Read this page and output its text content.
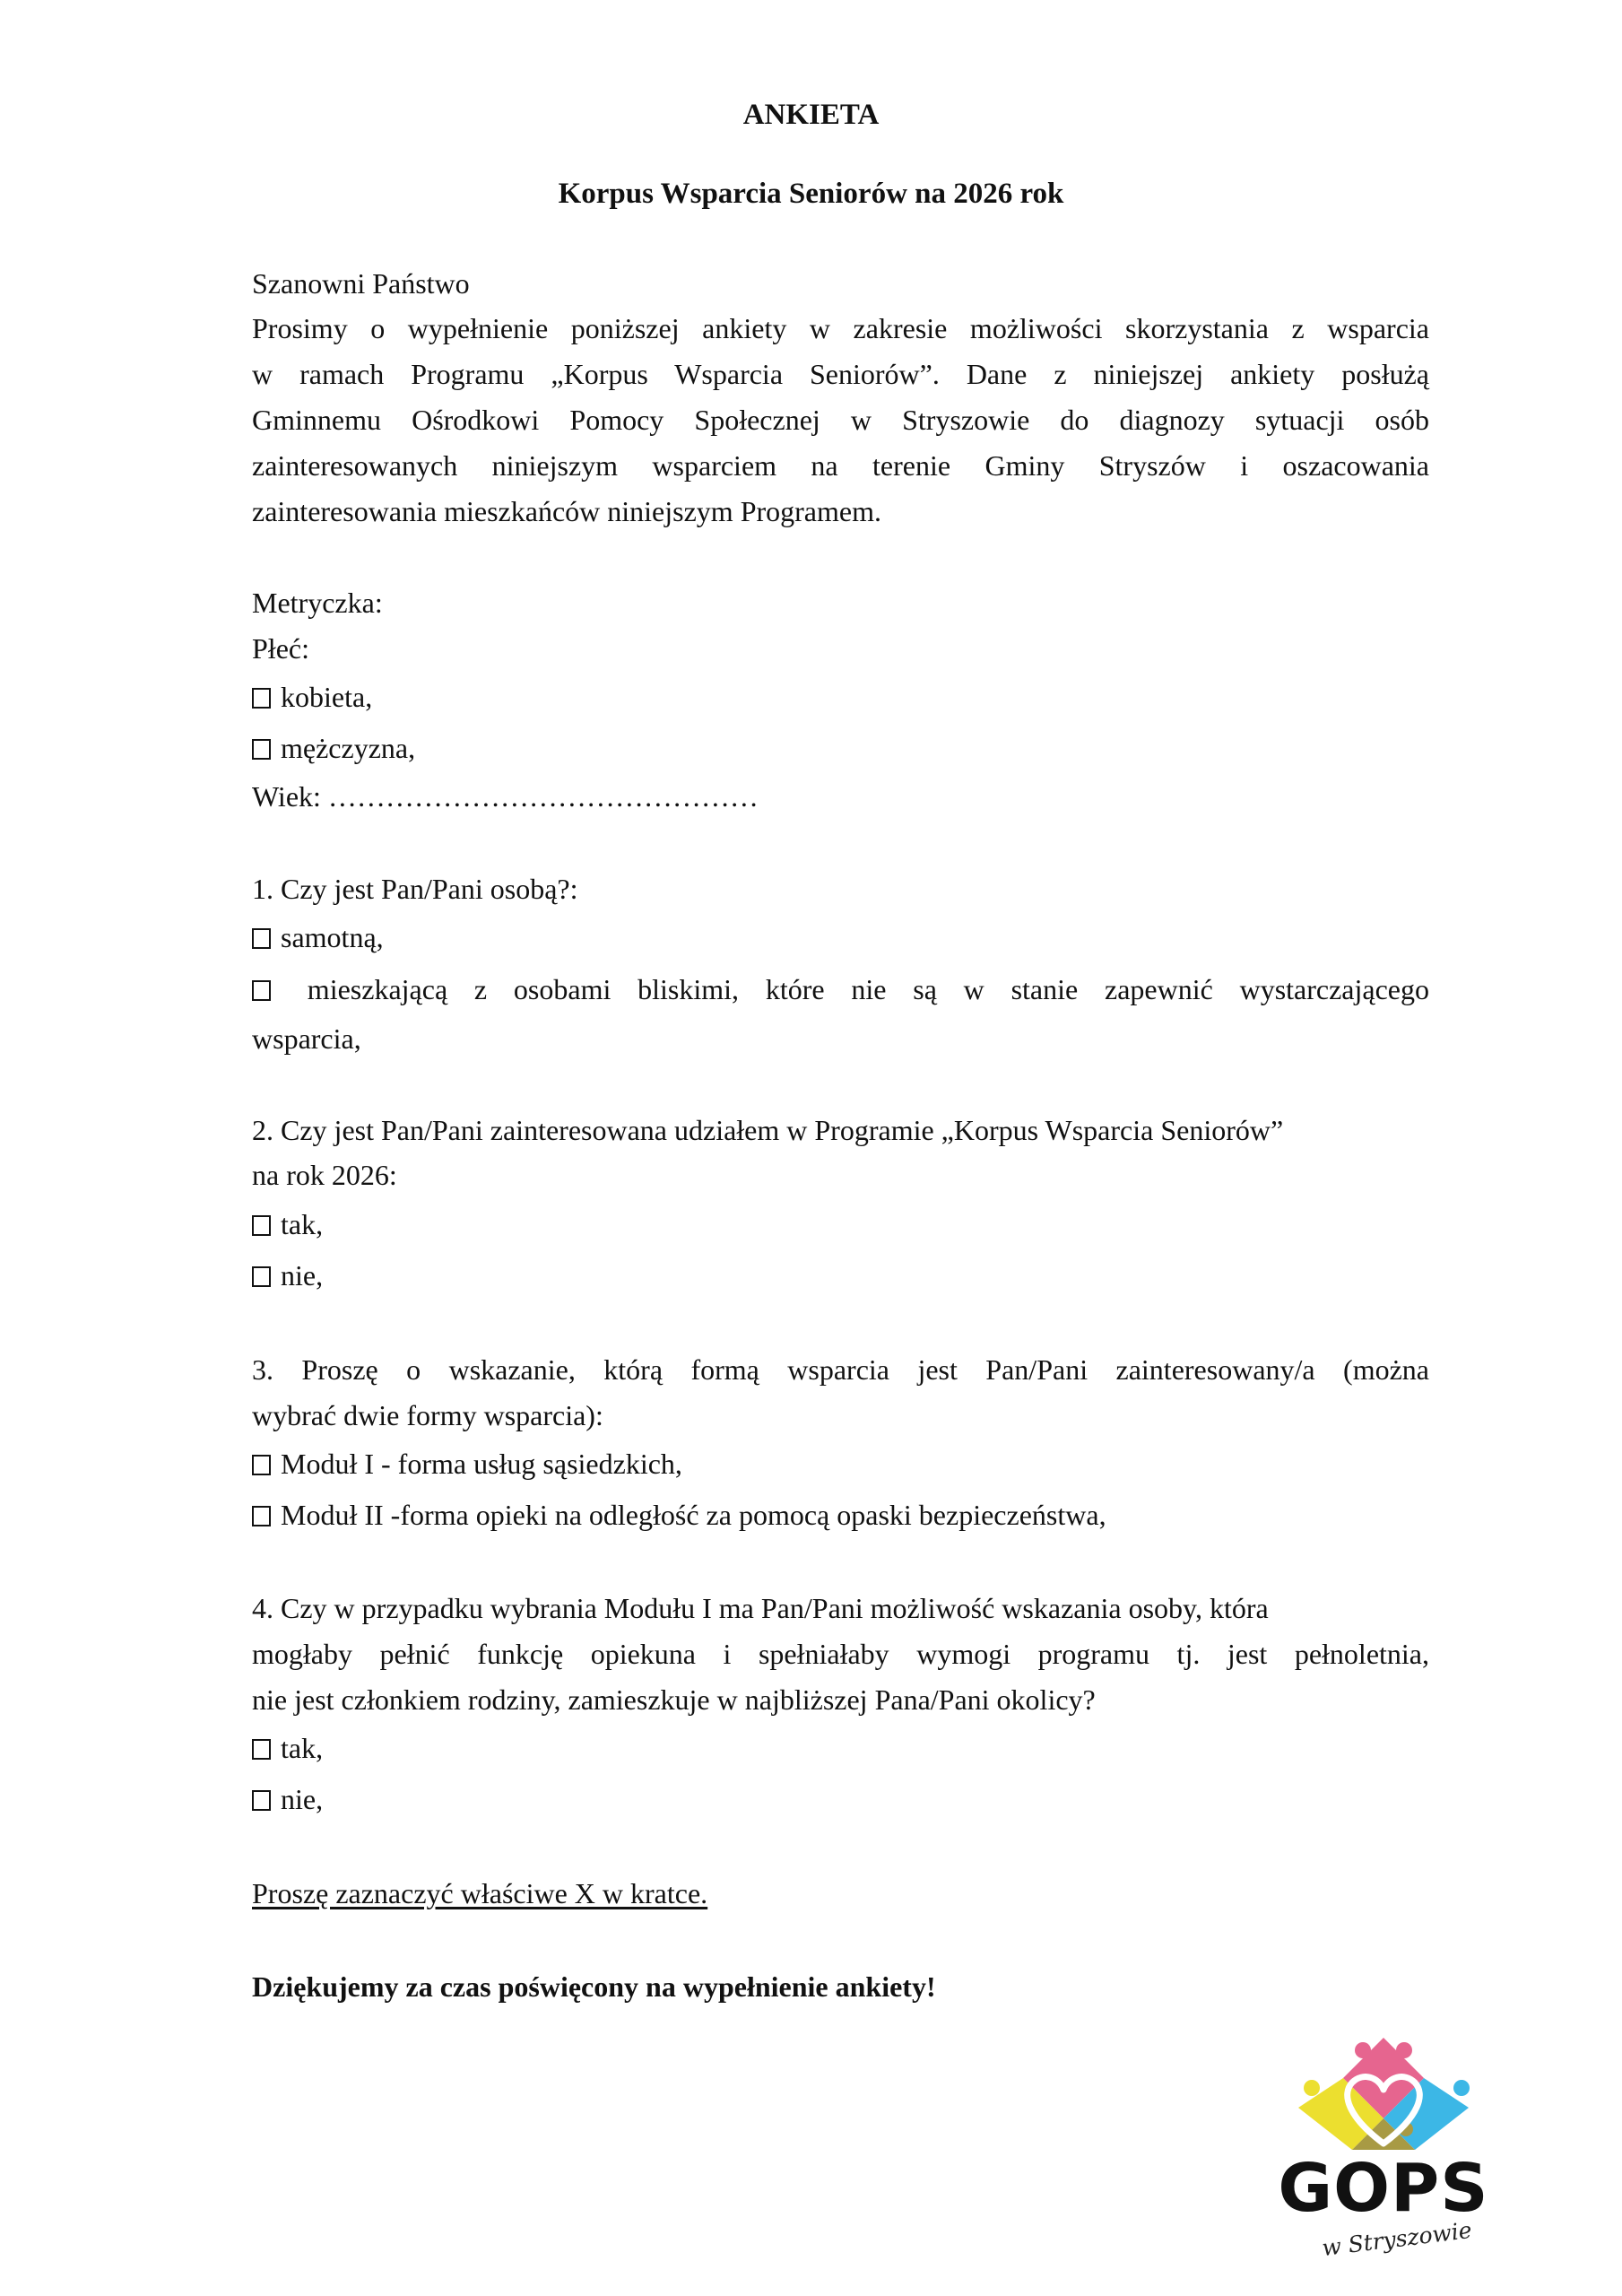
ANKIETA
Korpus Wsparcia Seniorów na 2026 rok
Szanowni Państwo
Prosimy o wypełnienie poniższej ankiety w zakresie możliwości skorzystania z wsparcia
w ramach Programu „Korpus Wsparcia Seniorów”. Dane z niniejszej ankiety posłużą
Gminnemu Ośrodkowi Pomocy Społecznej w Stryszowie do diagnozy sytuacji osób
zainteresowanych niniejszym wsparciem na terenie Gminy Stryszów i oszacowania
zainteresowania mieszkańców niniejszym Programem.
Metryczka:
Płeć:
kobieta,
mężczyzna,
Wiek: ………………………………………
1. Czy jest Pan/Pani osobą?:
samotną,
mieszkającą z osobami bliskimi, które nie są w stanie zapewnić wystarczającego
wsparcia,
2. Czy jest Pan/Pani zainteresowana udziałem w Programie „Korpus Wsparcia Seniorów”
na rok 2026:
tak,
nie,
3. Proszę o wskazanie, którą formą wsparcia jest Pan/Pani zainteresowany/a (można
wybrać dwie formy wsparcia):
Moduł I - forma usług sąsiedzkich,
Moduł II -forma opieki na odległość za pomocą opaski bezpieczeństwa,
4. Czy w przypadku wybrania Modułu I ma Pan/Pani możliwość wskazania osoby, która
mogłaby pełnić funkcję opiekuna i spełniałaby wymogi programu tj. jest pełnoletnia,
nie jest członkiem rodziny, zamieszkuje w najbliższej Pana/Pani okolicy?
tak,
nie,
Proszę zaznaczyć właściwe X w kratce.
Dziękujemy za czas poświęcony na wypełnienie ankiety!
GOPS
w Stryszowie
